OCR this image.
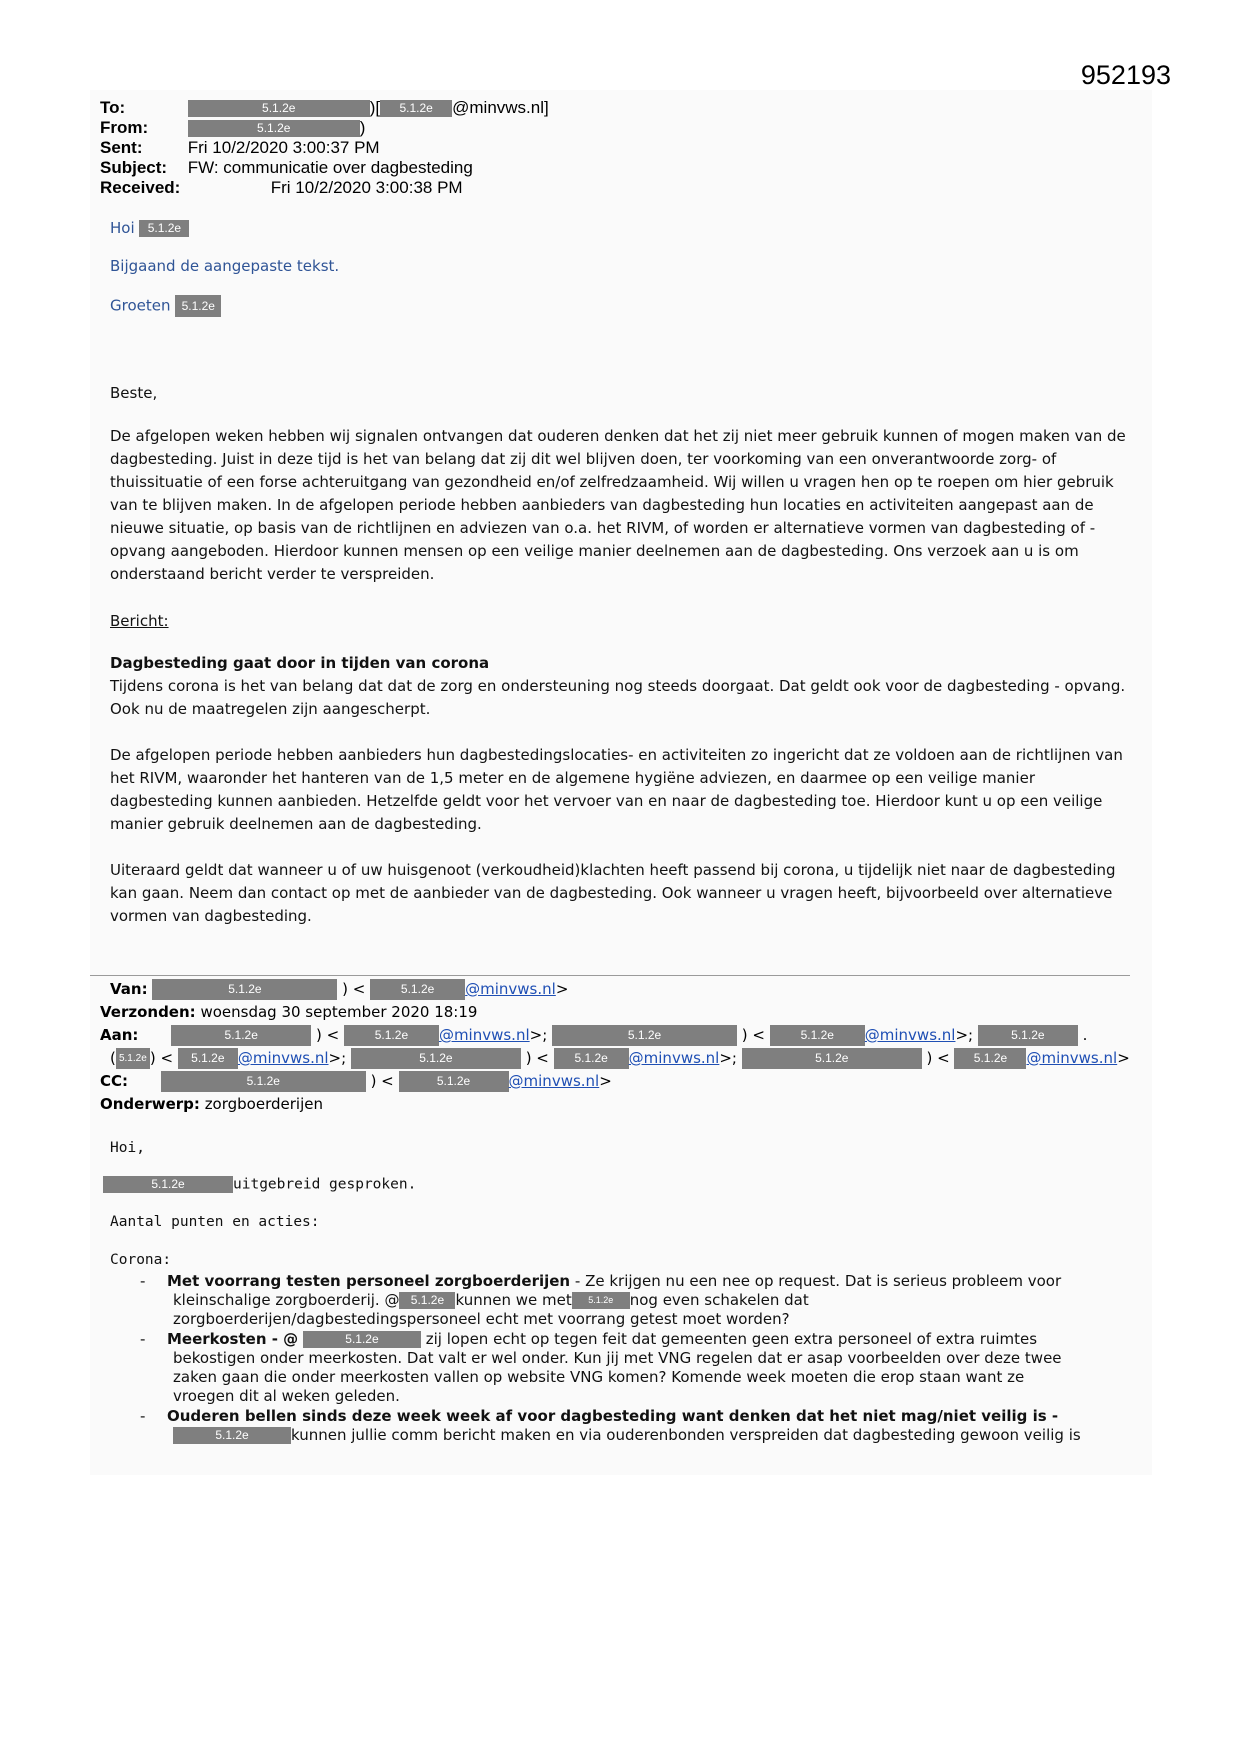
952193
To:	5.1.2e	)[ 5.1.2e @minvws.nl]
From:	5.1.2e	)
Sent:	Fri 10/2/2020 3:00:37 PM
Subject: FW: communicatie over dagbesteding
Received:	Fri 10/2/2020 3:00:38 PM
Hoi 5.1.2e
Bijgaand de aangepaste tekst.
Groeten 5.1.2e
Beste,
De afgelopen weken hebben wij signalen ontvangen dat ouderen denken dat het zij niet meer gebruik kunnen of mogen maken van de dagbesteding. Juist in deze tijd is het van belang dat zij dit wel blijven doen, ter voorkoming van een onverantwoorde zorg- of thuissituatie of een forse achteruitgang van gezondheid en/of zelfredzaamheid. Wij willen u vragen hen op te roepen om hier gebruik van te blijven maken. In de afgelopen periode hebben aanbieders van dagbesteding hun locaties en activiteiten aangepast aan de nieuwe situatie, op basis van de richtlijnen en adviezen van o.a. het RIVM, of worden er alternatieve vormen van dagbesteding of - opvang aangeboden. Hierdoor kunnen mensen op een veilige manier deelnemen aan de dagbesteding. Ons verzoek aan u is om onderstaand bericht verder te verspreiden.
Bericht:
Dagbesteding gaat door in tijden van corona
Tijdens corona is het van belang dat dat de zorg en ondersteuning nog steeds doorgaat. Dat geldt ook voor de dagbesteding - opvang. Ook nu de maatregelen zijn aangescherpt.
De afgelopen periode hebben aanbieders hun dagbestedingslocaties- en activiteiten zo ingericht dat ze voldoen aan de richtlijnen van het RIVM, waaronder het hanteren van de 1,5 meter en de algemene hygiëne adviezen, en daarmee op een veilige manier dagbesteding kunnen aanbieden. Hetzelfde geldt voor het vervoer van en naar de dagbesteding toe. Hierdoor kunt u op een veilige manier gebruik deelnemen aan de dagbesteding.
Uiteraard geldt dat wanneer u of uw huisgenoot (verkoudheid)klachten heeft passend bij corona, u tijdelijk niet naar de dagbesteding kan gaan. Neem dan contact op met de aanbieder van de dagbesteding. Ook wanneer u vragen heeft, bijvoorbeeld over alternatieve vormen van dagbesteding.
Van:	5.1.2e	) <	5.1.2e @minvws.nl>
Verzonden: woensdag 30 september 2020 18:19
Aan:	5.1.2e	) <	5.1.2e @minvws.nl>;	5.1.2e	) <	5.1.2e @minvws.nl>;	5.1.2e .
( 5.1.2e ) < 5.1.2e @minvws.nl>;	5.1.2e	) < 5.1.2e @minvws.nl>;	5.1.2e	) < 5.1.2e @minvws.nl>
CC:	5.1.2e	) <	5.1.2e	@minvws.nl>
Onderwerp: zorgboerderijen
Hoi,
5.1.2e	uitgebreid gesproken.
Aantal punten en acties:
Corona:
- Met voorrang testen personeel zorgboerderijen - Ze krijgen nu een nee op request. Dat is serieus probleem voor
kleinschalige zorgboerderij. @ 5.1.2e kunnen we met 5.1.2e nog even schakelen dat
zorgboerderijen/dagbestedingspersoneel echt met voorrang getest moet worden?
- Meerkosten - @	5.1.2e	zij lopen echt op tegen feit dat gemeenten geen extra personeel of extra ruimtes
bekostigen onder meerkosten. Dat valt er wel onder. Kun jij met VNG regelen dat er asap voorbeelden over deze twee
zaken gaan die onder meerkosten vallen op website VNG komen? Komende week moeten die erop staan want ze
vroegen dit al weken geleden.
- Ouderen bellen sinds deze week week af voor dagbesteding want denken dat het niet mag/niet veilig is -
5.1.2e	kunnen jullie comm bericht maken en via ouderenbonden verspreiden dat dagbesteding gewoon veilig is
